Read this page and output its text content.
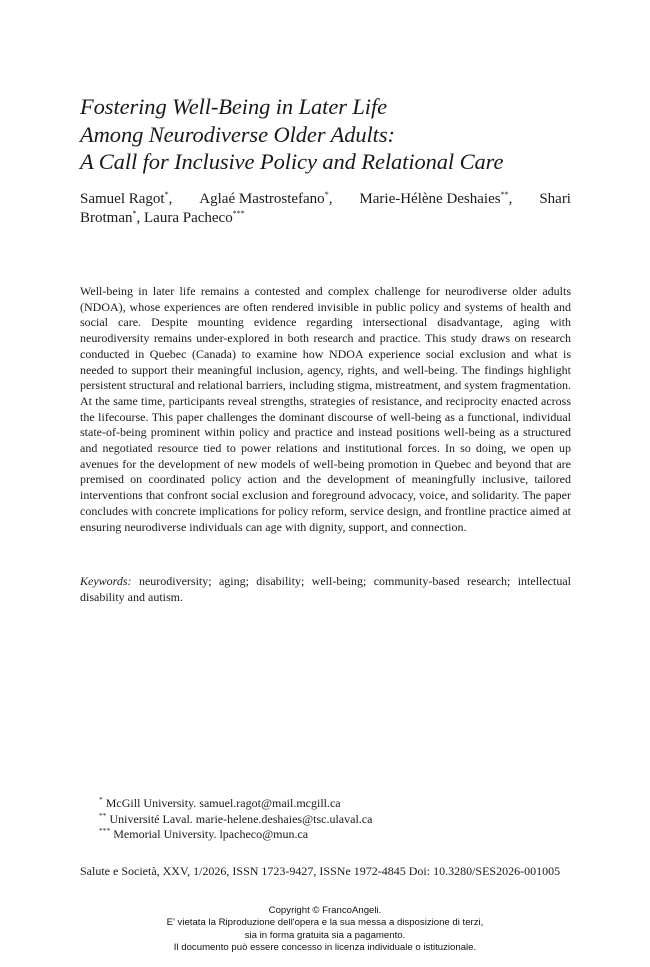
Fostering Well-Being in Later Life
Among Neurodiverse Older Adults:
A Call for Inclusive Policy and Relational Care
Samuel Ragot*, Aglaé Mastrostefano*, Marie-Hélène Deshaies**, Shari
Brotman*, Laura Pacheco***

Well-being in later life remains a contested and complex challenge for neurodiverse older adults (NDOA), whose experiences are often rendered invisible in public policy and systems of health and social care. Despite mounting evidence regarding intersectional disadvantage, aging with neurodiversity remains under-explored in both research and practice. This study draws on research conducted in Quebec (Canada) to examine how NDOA experience social exclusion and what is needed to support their meaningful inclusion, agency, rights, and well-being. The findings highlight persistent structural and relational barriers, including stigma, mistreatment, and system fragmentation. At the same time, participants reveal strengths, strategies of resistance, and reciprocity enacted across the lifecourse. This paper challenges the dominant discourse of well-being as a functional, individual state-of-being prominent within policy and practice and instead positions well-being as a structured and negotiated resource tied to power relations and institutional forces. In so doing, we open up avenues for the development of new models of well-being promotion in Quebec and beyond that are premised on coordinated policy action and the development of meaningfully inclusive, tailored interventions that confront social exclusion and foreground advocacy, voice, and solidarity. The paper concludes with concrete implications for policy reform, service design, and frontline practice aimed at ensuring neurodiverse individuals can age with dignity, support, and connection.

Keywords: neurodiversity; aging; disability; well-being; community-based research; intellectual disability and autism.
* McGill University. samuel.ragot@mail.mcgill.ca
** Université Laval. marie-helene.deshaies@tsc.ulaval.ca
*** Memorial University. lpacheco@mun.ca
Salute e Società, XXV, 1/2026, ISSN 1723-9427, ISSNe 1972-4845 Doi: 10.3280/SES2026-001005
Copyright © FrancoAngeli.
E' vietata la Riproduzione dell'opera e la sua messa a disposizione di terzi,
sia in forma gratuita sia a pagamento.
Il documento può essere concesso in licenza individuale o istituzionale.
